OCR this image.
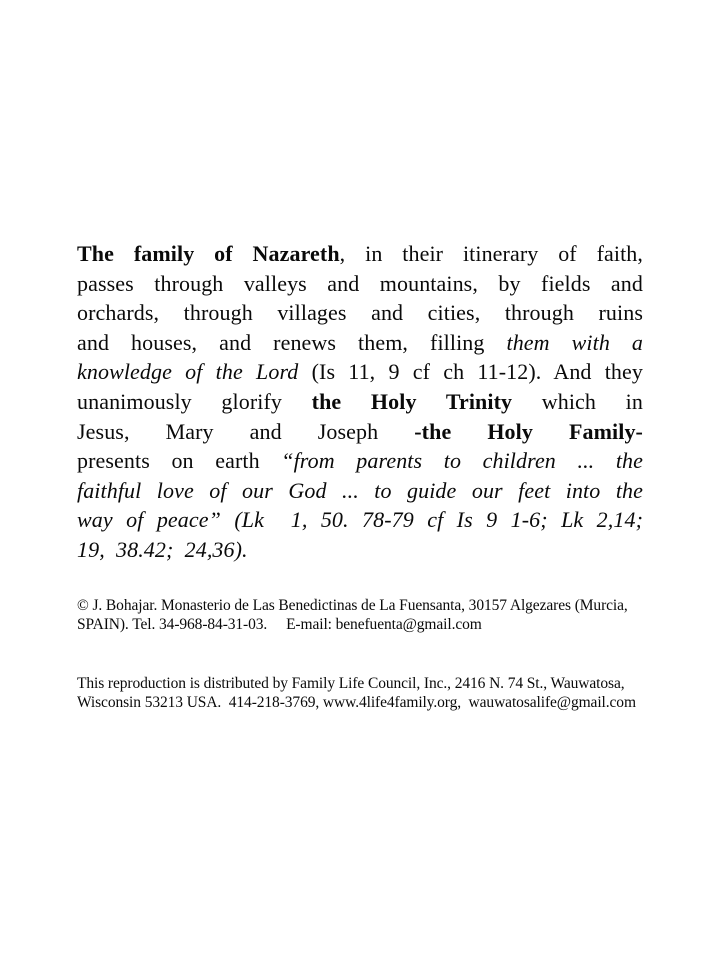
The family of Nazareth, in their itinerary of faith,
passes through valleys and mountains, by fields and
orchards, through villages and cities, through ruins
and houses, and renews them, filling them with a
knowledge of the Lord (Is 11, 9 cf ch 11-12). And they
unanimously glorify the Holy Trinity which in
Jesus, Mary and Joseph -the Holy Family-
presents on earth “from parents to children ... the
faithful love of our God ... to guide our feet into the
way of peace” (Lk  1, 50. 78-79 cf Is 9 1-6; Lk 2,14;
19,  38.42;  24,36).
© J. Bohajar. Monasterio de Las Benedictinas de La Fuensanta, 30157 Algezares (Murcia,
SPAIN). Tel. 34-968-84-31-03.     E-mail: benefuenta@gmail.com
This reproduction is distributed by Family Life Council, Inc., 2416 N. 74 St., Wauwatosa,
Wisconsin 53213 USA.  414-218-3769, www.4life4family.org,  wauwatosalife@gmail.com
